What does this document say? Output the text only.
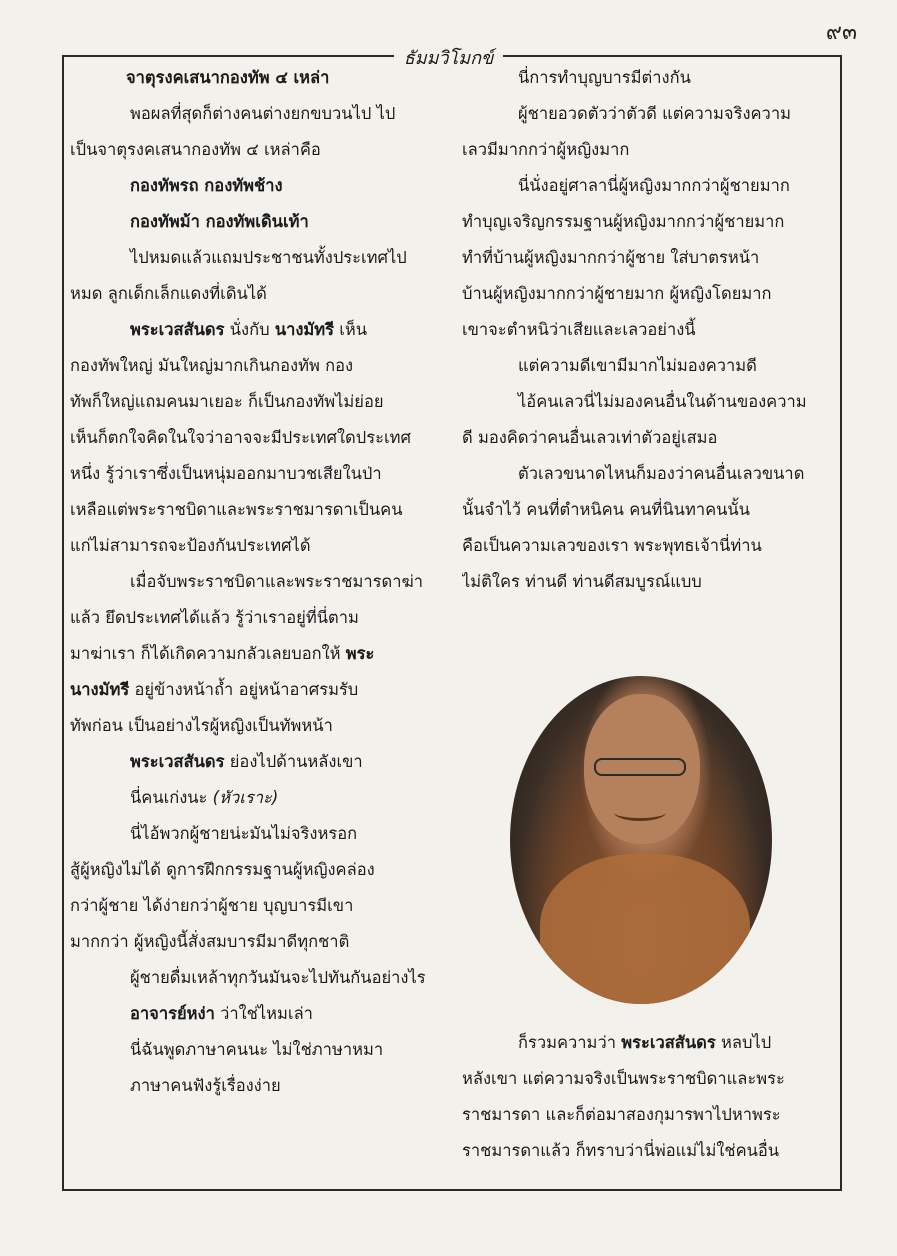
๙๓
ธัมมวิโมกข์

จาตุรงคเสนากองทัพ ๔ เหล่า

พอผลที่สุดก็ต่างคนต่างยกขบวนไป ไป

เป็นจาตุรงคเสนากองทัพ ๔ เหล่าคือ

กองทัพรถ กองทัพช้าง

กองทัพม้า กองทัพเดินเท้า

ไปหมดแล้วแถมประชาชนทั้งประเทศไป

หมด ลูกเด็กเล็กแดงที่เดินได้

พระเวสสันดร นั่งกับ นางมัทรี เห็น

กองทัพใหญ่ มันใหญ่มากเกินกองทัพ กอง

ทัพก็ใหญ่แถมคนมาเยอะ ก็เป็นกองทัพไม่ย่อย

เห็นก็ตกใจคิดในใจว่าอาจจะมีประเทศใดประเทศ

หนึ่ง รู้ว่าเราซึ่งเป็นหนุ่มออกมาบวชเสียในป่า

เหลือแต่พระราชบิดาและพระราชมารดาเป็นคน

แก่ไม่สามารถจะป้องกันประเทศได้

เมื่อจับพระราชบิดาและพระราชมารดาฆ่า

แล้ว ยึดประเทศได้แล้ว รู้ว่าเราอยู่ที่นี่ตาม

มาฆ่าเรา ก็ได้เกิดความกลัวเลยบอกให้ พระ

นางมัทรี อยู่ข้างหน้าถ้ำ อยู่หน้าอาศรมรับ

ทัพก่อน เป็นอย่างไรผู้หญิงเป็นทัพหน้า

พระเวสสันดร ย่องไปด้านหลังเขา

นี่คนเก่งนะ (หัวเราะ)

นี่ไอ้พวกผู้ชายน่ะมันไม่จริงหรอก

สู้ผู้หญิงไม่ได้ ดูการฝึกกรรมฐานผู้หญิงคล่อง

กว่าผู้ชาย ได้ง่ายกว่าผู้ชาย บุญบารมีเขา

มากกว่า ผู้หญิงนี้สั่งสมบารมีมาดีทุกชาติ

ผู้ชายดื่มเหล้าทุกวันมันจะไปทันกันอย่างไร

อาจารย์หง่า ว่าใช่ไหมเล่า

นี่ฉันพูดภาษาคนนะ ไม่ใช่ภาษาหมา

ภาษาคนฟังรู้เรื่องง่าย

นี่การทำบุญบารมีต่างกัน

ผู้ชายอวดตัวว่าตัวดี แต่ความจริงความ

เลวมีมากกว่าผู้หญิงมาก

นี่นั่งอยู่ศาลานี่ผู้หญิงมากกว่าผู้ชายมาก

ทำบุญเจริญกรรมฐานผู้หญิงมากกว่าผู้ชายมาก

ทำที่บ้านผู้หญิงมากกว่าผู้ชาย ใส่บาตรหน้า

บ้านผู้หญิงมากกว่าผู้ชายมาก ผู้หญิงโดยมาก

เขาจะตำหนิว่าเสียและเลวอย่างนี้

แต่ความดีเขามีมากไม่มองความดี

ไอ้คนเลวนี่ไม่มองคนอื่นในด้านของความ

ดี มองคิดว่าคนอื่นเลวเท่าตัวอยู่เสมอ

ตัวเลวขนาดไหนก็มองว่าคนอื่นเลวขนาด

นั้นจำไว้ คนที่ตำหนิคน คนที่นินทาคนนั้น

คือเป็นความเลวของเรา พระพุทธเจ้านี่ท่าน

ไม่ติใคร ท่านดี ท่านดีสมบูรณ์แบบ

ก็รวมความว่า พระเวสสันดร หลบไป

หลังเขา แต่ความจริงเป็นพระราชบิดาและพระ

ราชมารดา และก็ต่อมาสองกุมารพาไปหาพระ

ราชมารดาแล้ว ก็ทราบว่านี่พ่อแม่ไม่ใช่คนอื่น
